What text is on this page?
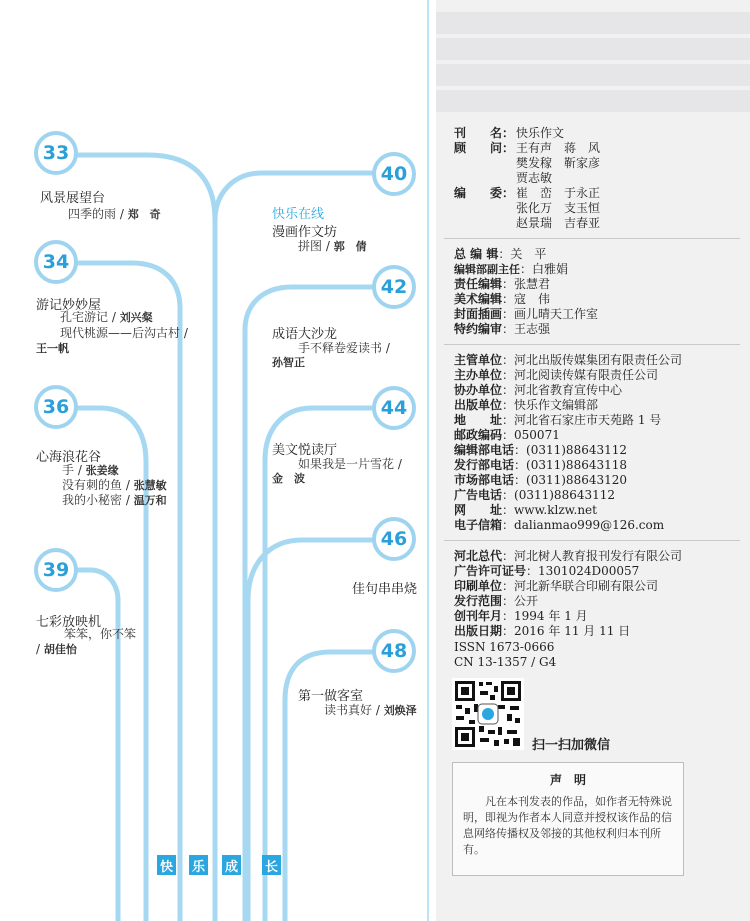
33
34
36
39
40
42
44
46
48
风景展望台
四季的雨 / 郑　奇
游记妙妙屋
孔宅游记 / 刘兴粲
现代桃源——后沟古村 /
王一帆
心海浪花谷
手 / 张姜缘
没有刺的鱼 / 张慧敏
我的小秘密 / 温万和
七彩放映机
笨笨，你不笨 / 胡佳怡
快乐在线
漫画作文坊
拼图 / 郭　倩
成语大沙龙
手不释卷爱读书 /
孙智正
美文悦读厅
如果我是一片雪花 /
金　波
佳句串串烧
第一做客室
读书真好 / 刘焕泽
快 乐 成 长
刊　　名： 快乐作文
顾　　问： 王有声　蒋　风
樊发稼　靳家彦
贾志敏
编　　委： 崔　峦　于永正
张化万　支玉恒
赵景瑞　吉春亚
总 编 辑：关　平
编辑部副主任：白雅娟
责任编辑：张慧君
美术编辑：寇　伟
封面插画：画儿晴天工作室
特约编审：王志强
主管单位：河北出版传媒集团有限责任公司
主办单位：河北阅读传媒有限责任公司
协办单位：河北省教育宣传中心
出版单位：快乐作文编辑部
地　　址：河北省石家庄市天苑路 1 号
邮政编码：050071
编辑部电话：(0311)88643112
发行部电话：(0311)88643118
市场部电话：(0311)88643120
广告电话：(0311)88643112
网　　址：www.klzw.net
电子信箱：dalianmao999@126.com
河北总代：河北树人教育报刊发行有限公司
广告许可证号：1301024D00057
印刷单位：河北新华联合印刷有限公司
发行范围：公开
创刊年月：1994 年 1 月
出版日期：2016 年 11 月 11 日
ISSN 1673-0666
CN 13-1357 / G4
扫一扫加微信
声　明
凡在本刊发表的作品，如作者无特殊说明，即视为作者本人同意并授权该作品的信息网络传播权及邻接的其他权利归本刊所有。
